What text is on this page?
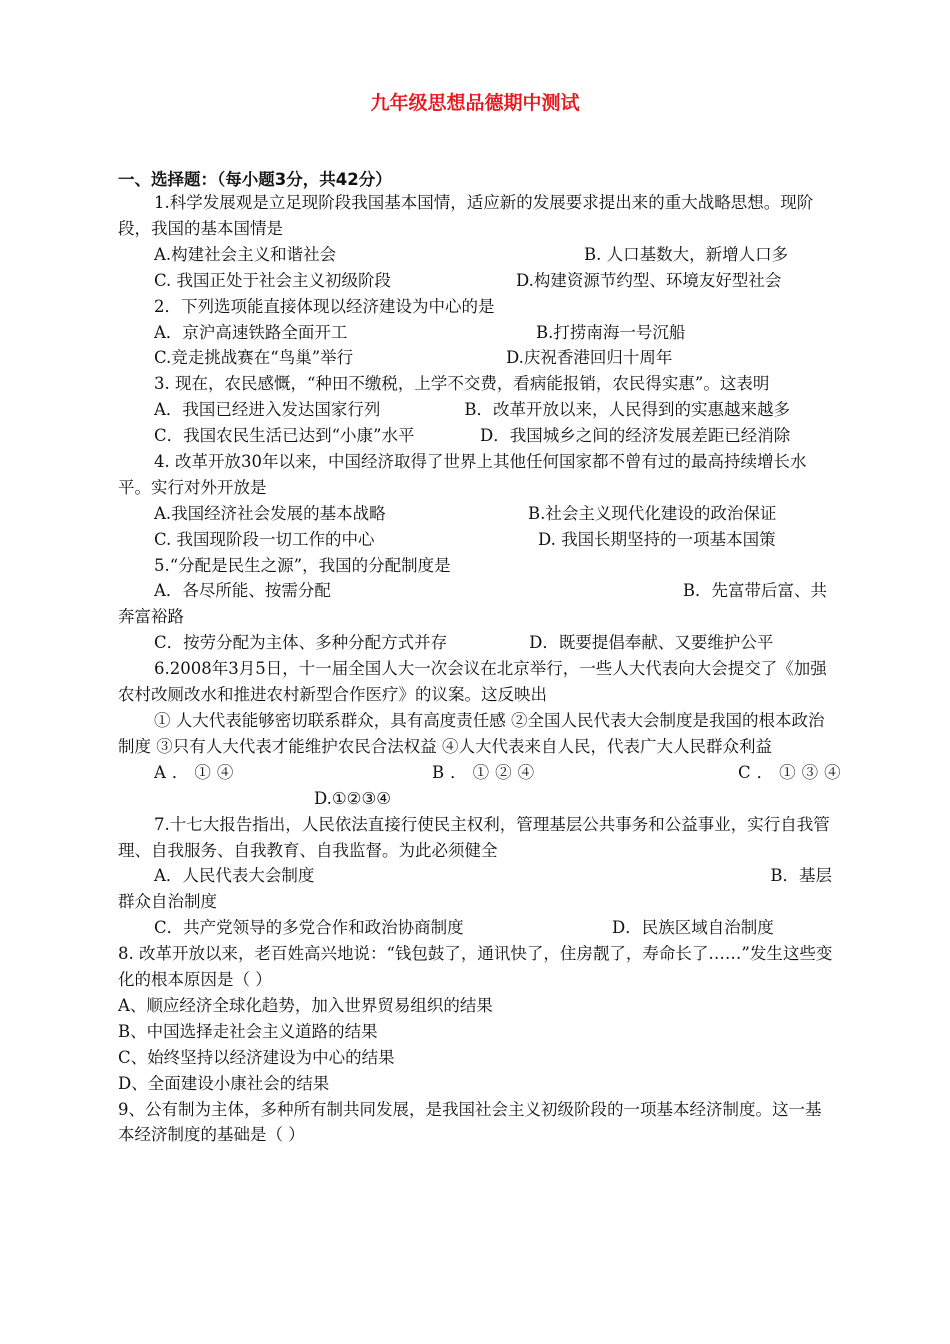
九年级思想品德期中测试
一、选择题：（每小题3分，共42分）

1.科学发展观是立足现阶段我国基本国情，适应新的发展要求提出来的重大战略思想。现阶段，我国的基本国情是

A.构建社会主义和谐社会	B. 人口基数大，新增人口多
C. 我国正处于社会主义初级阶段	D.构建资源节约型、环境友好型社会

2．下列选项能直接体现以经济建设为中心的是

A．京沪高速铁路全面开工	B.打捞南海一号沉船
C.竞走挑战赛在“鸟巢”举行	D.庆祝香港回归十周年

3. 现在，农民感慨，“种田不缴税，上学不交费，看病能报销，农民得实惠”。这表明

A．我国已经进入发达国家行列	B．改革开放以来，人民得到的实惠越来越多
C．我国农民生活已达到“小康”水平	D．我国城乡之间的经济发展差距已经消除

4. 改革开放30年以来，中国经济取得了世界上其他任何国家都不曾有过的最高持续增长水平。实行对外开放是

A.我国经济社会发展的基本战略	B.社会主义现代化建设的政治保证
C. 我国现阶段一切工作的中心	D. 我国长期坚持的一项基本国策

5.“分配是民生之源”，我国的分配制度是

A．各尽所能、按需分配	B．先富带后富、共奔富裕路
C．按劳分配为主体、多种分配方式并存	D．既要提倡奉献、又要维护公平

6.2008年3月5日，十一届全国人大一次会议在北京举行，一些人大代表向大会提交了《加强农村改厕改水和推进农村新型合作医疗》的议案。这反映出

① 人大代表能够密切联系群众，具有高度责任感 ②全国人民代表大会制度是我国的根本政治制度 ③只有人大代表才能维护农民合法权益 ④人大代表来自人民，代表广大人民群众利益

A．①④	B．①②④	C．①③④
D.①②③④

7.十七大报告指出，人民依法直接行使民主权利，管理基层公共事务和公益事业，实行自我管理、自我服务、自我教育、自我监督。为此必须健全

A．人民代表大会制度	B．基层群众自治制度
C．共产党领导的多党合作和政治协商制度	D．民族区域自治制度

8. 改革开放以来，老百姓高兴地说：“钱包鼓了，通讯快了，住房靓了，寿命长了……”发生这些变化的根本原因是（ ）

A、顺应经济全球化趋势，加入世界贸易组织的结果

B、中国选择走社会主义道路的结果

C、始终坚持以经济建设为中心的结果

D、全面建设小康社会的结果

9、公有制为主体，多种所有制共同发展，是我国社会主义初级阶段的一项基本经济制度。这一基本经济制度的基础是（ ）
